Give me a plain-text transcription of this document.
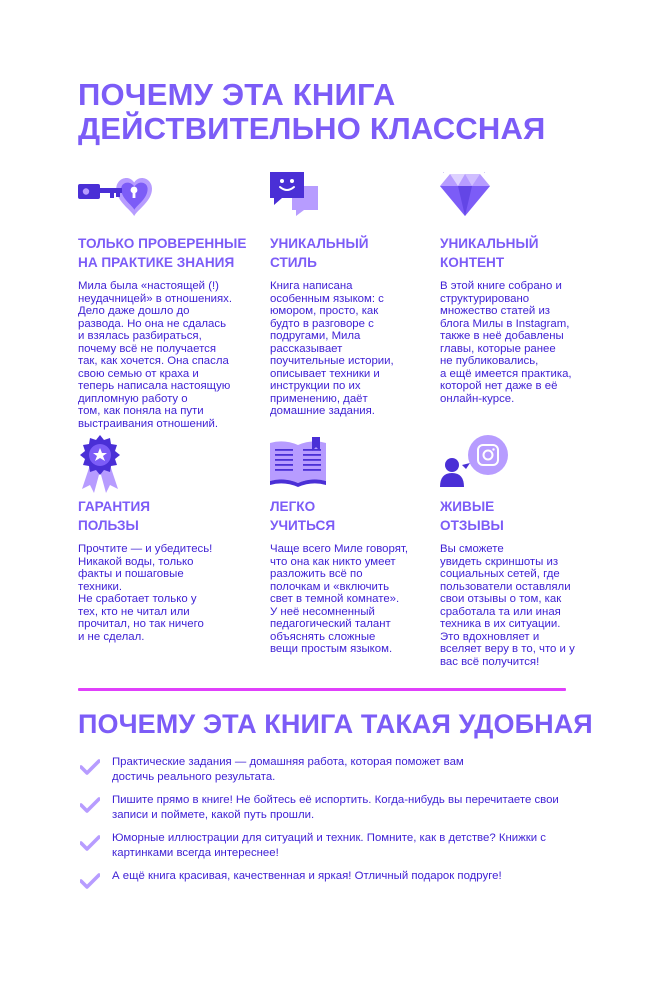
ПОЧЕМУ ЭТА КНИГА
ДЕЙСТВИТЕЛЬНО КЛАССНАЯ
ТОЛЬКО ПРОВЕРЕННЫЕ
НА ПРАКТИКЕ ЗНАНИЯ

Мила была «настоящей (!)
неудачницей» в отношениях.
Дело даже дошло до
развода. Но она не сдалась
и взялась разбираться,
почему всё не получается
так, как хочется. Она спасла
свою семью от краха и
теперь написала настоящую
дипломную работу о
том, как поняла на пути
выстраивания отношений.

УНИКАЛЬНЫЙ
СТИЛЬ

Книга написана
особенным языком: с
юмором, просто, как
будто в разговоре с
подругами, Мила
рассказывает
поучительные истории,
описывает техники и
инструкции по их
применению, даёт
домашние задания.

УНИКАЛЬНЫЙ
КОНТЕНТ

В этой книге собрано и
структурировано
множество статей из
блога Милы в Instagram,
также в неё добавлены
главы, которые ранее
не публиковались,
а ещё имеется практика,
которой нет даже в её
онлайн-курсе.

ГАРАНТИЯ
ПОЛЬЗЫ

Прочтите — и убедитесь!
Никакой воды, только
факты и пошаговые
техники.
Не сработает только у
тех, кто не читал или
прочитал, но так ничего
и не сделал.

ЛЕГКО
УЧИТЬСЯ

Чаще всего Миле говорят,
что она как никто умеет
разложить всё по
полочкам и «включить
свет в темной комнате».
У неё несомненный
педагогический талант
объяснять сложные
вещи простым языком.

ЖИВЫЕ
ОТЗЫВЫ

Вы сможете
увидеть скриншоты из
социальных сетей, где
пользователи оставляли
свои отзывы о том, как
сработала та или иная
техника в их ситуации.
Это вдохновляет и
вселяет веру в то, что и у
вас всё получится!

ПОЧЕМУ ЭТА КНИГА ТАКАЯ УДОБНАЯ
Практические задания — домашняя работа, которая поможет вам
достичь реального результата.
Пишите прямо в книге! Не бойтесь её испортить. Когда-нибудь вы перечитаете свои
записи и поймете, какой путь прошли.
Юморные иллюстрации для ситуаций и техник. Помните, как в детстве? Книжки с
картинками всегда интереснее!
А ещё книга красивая, качественная и яркая! Отличный подарок подруге!
